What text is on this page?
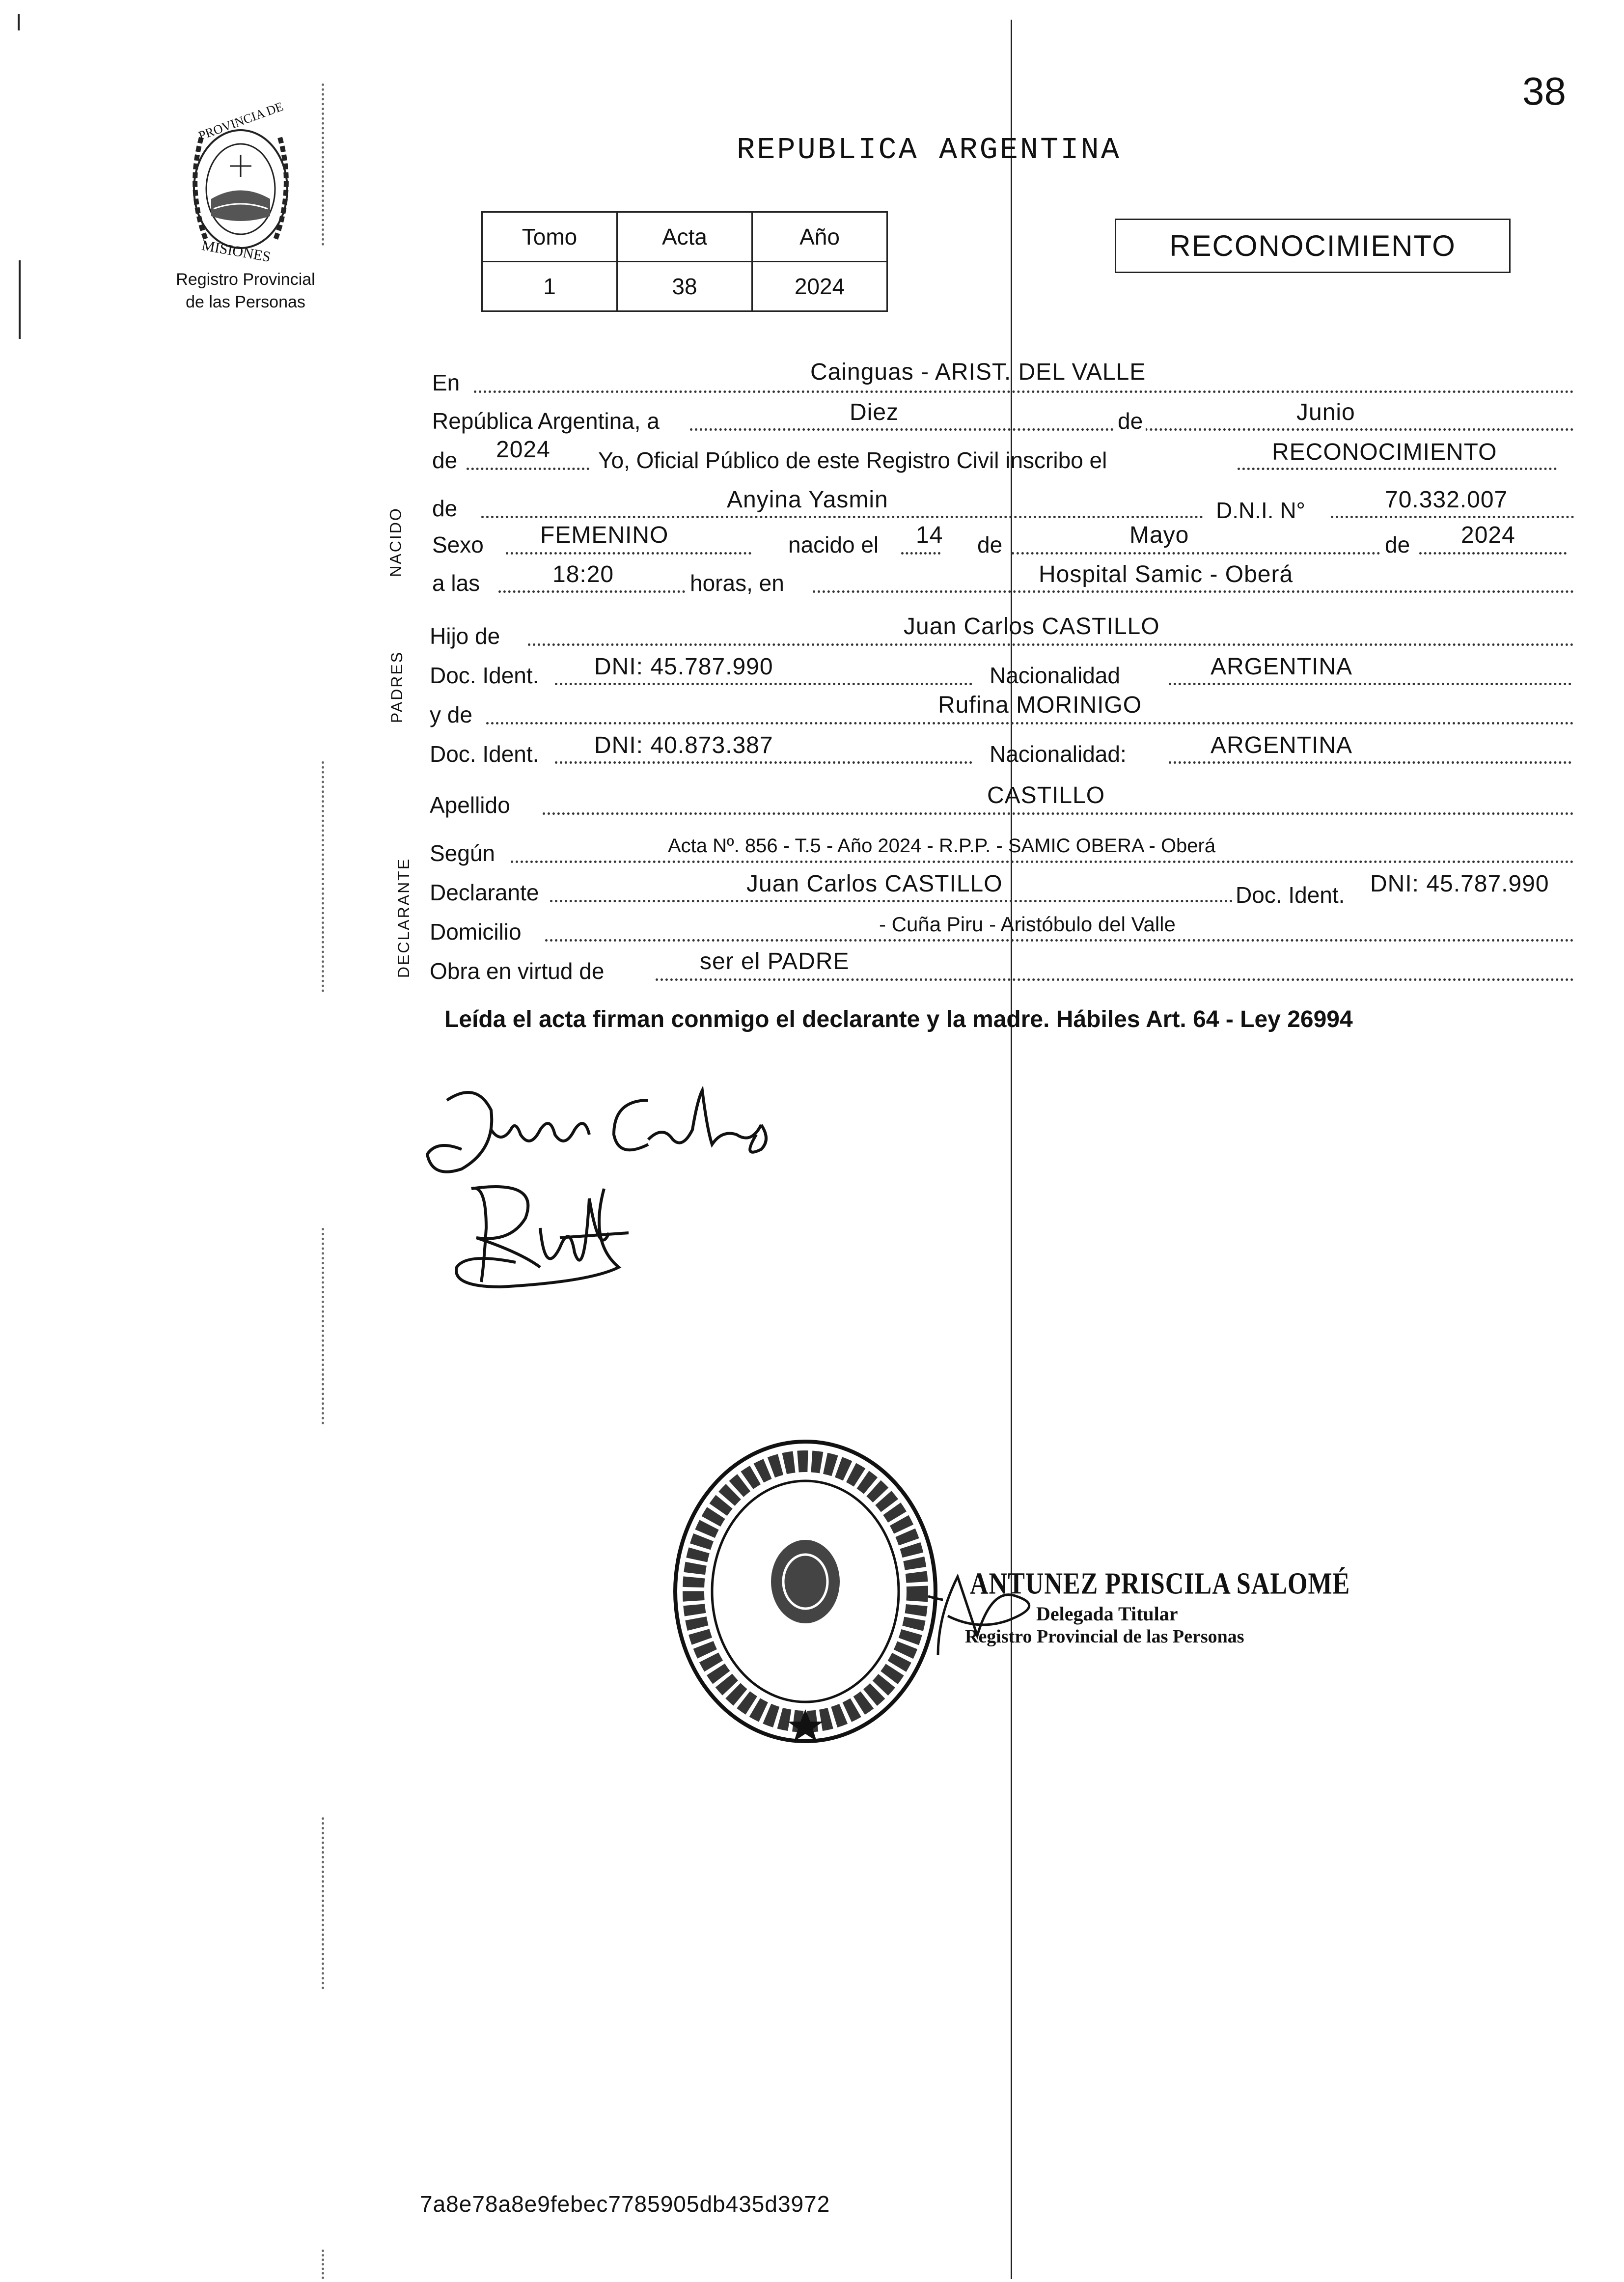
38
PROVINCIA DE
MISIONES
Registro Provincial
de las Personas
REPUBLICA ARGENTINA
Tomo	Acta	Año
1	38	2024
RECONOCIMIENTO
NACIDO
PADRES
DECLARANTE
En	Cainguas - ARIST. DEL VALLE
República Argentina, a	Diez	de	Junio
de 2024 Yo, Oficial Público de este Registro Civil inscribo el	RECONOCIMIENTO
de	Anyina Yasmin	D.N.I. N°	70.332.007
Sexo FEMENINO	nacido el 14 de	Mayo	de 2024
a las	18:20	horas, en	Hospital Samic - Oberá
Hijo de	Juan Carlos CASTILLO
Doc. Ident. DNI: 45.787.990	Nacionalidad	ARGENTINA
y de	Rufina MORINIGO
Doc. Ident. DNI: 40.873.387	Nacionalidad:	ARGENTINA
Apellido	CASTILLO
Según	Acta Nº. 856 - T.5 - Año 2024 - R.P.P. - SAMIC OBERA - Oberá
Declarante	Juan Carlos CASTILLO	Doc. Ident. DNI: 45.787.990
Domicilio	- Cuña Piru - Aristóbulo del Valle
Obra en virtud de	ser el PADRE
Leída el acta firman conmigo el declarante y la madre. Hábiles Art. 64 - Ley 26994
ANTUNEZ PRISCILA SALOMÉ
Delegada Titular
Registro Provincial de las Personas
7a8e78a8e9febec7785905db435d3972
